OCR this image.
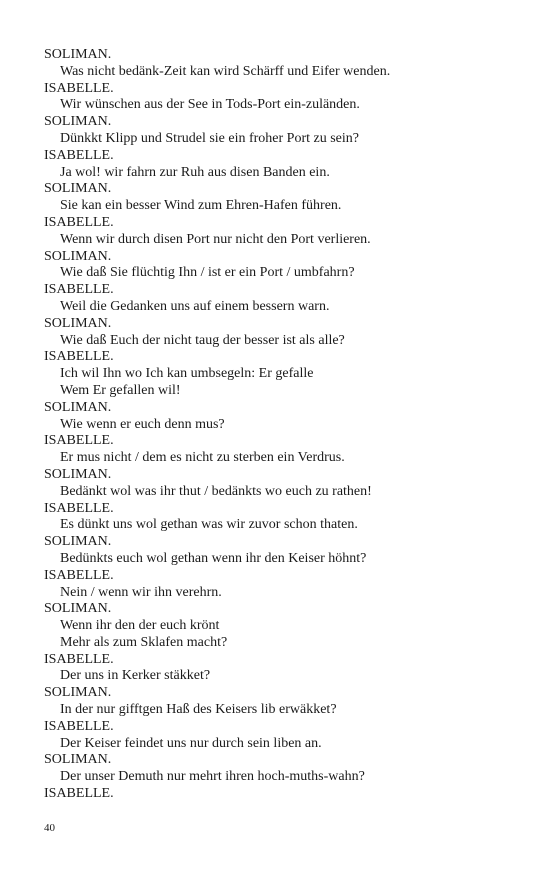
SOLIMAN.
Was nicht bedänk-Zeit kan wird Schärff und Eifer wenden.
ISABELLE.
Wir wünschen aus der See in Tods-Port ein-zuländen.
SOLIMAN.
Dünkkt Klipp und Strudel sie ein froher Port zu sein?
ISABELLE.
Ja wol! wir fahrn zur Ruh aus disen Banden ein.
SOLIMAN.
Sie kan ein besser Wind zum Ehren-Hafen führen.
ISABELLE.
Wenn wir durch disen Port nur nicht den Port verlieren.
SOLIMAN.
Wie daß Sie flüchtig Ihn / ist er ein Port / umbfahrn?
ISABELLE.
Weil die Gedanken uns auf einem bessern warn.
SOLIMAN.
Wie daß Euch der nicht taug der besser ist als alle?
ISABELLE.
Ich wil Ihn wo Ich kan umbsegeln: Er gefalle
Wem Er gefallen wil!
SOLIMAN.
Wie wenn er euch denn mus?
ISABELLE.
Er mus nicht / dem es nicht zu sterben ein Verdrus.
SOLIMAN.
Bedänkt wol was ihr thut / bedänkts wo euch zu rathen!
ISABELLE.
Es dünkt uns wol gethan was wir zuvor schon thaten.
SOLIMAN.
Bedünkts euch wol gethan wenn ihr den Keiser höhnt?
ISABELLE.
Nein / wenn wir ihn verehrn.
SOLIMAN.
Wenn ihr den der euch krönt
Mehr als zum Sklafen macht?
ISABELLE.
Der uns in Kerker stäkket?
SOLIMAN.
In der nur gifftgen Haß des Keisers lib erwäkket?
ISABELLE.
Der Keiser feindet uns nur durch sein liben an.
SOLIMAN.
Der unser Demuth nur mehrt ihren hoch-muths-wahn?
ISABELLE.
40
